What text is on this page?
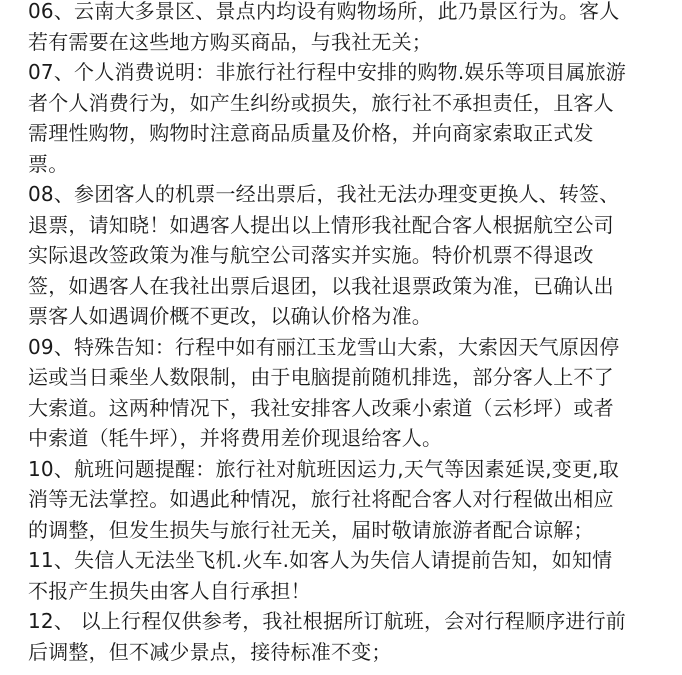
06、云南大多景区、景点内均设有购物场所，此乃景区行为。客人
若有需要在这些地方购买商品，与我社无关；
07、个人消费说明：非旅行社行程中安排的购物.娱乐等项目属旅游
者个人消费行为，如产生纠纷或损失，旅行社不承担责任，且客人
需理性购物，购物时注意商品质量及价格，并向商家索取正式发
票。
08、参团客人的机票一经出票后，我社无法办理变更换人、转签、
退票，请知晓！如遇客人提出以上情形我社配合客人根据航空公司
实际退改签政策为准与航空公司落实并实施。特价机票不得退改
签，如遇客人在我社出票后退团，以我社退票政策为准，已确认出
票客人如遇调价概不更改，以确认价格为准。
09、特殊告知：行程中如有丽江玉龙雪山大索，大索因天气原因停
运或当日乘坐人数限制，由于电脑提前随机排选，部分客人上不了
大索道。这两种情况下，我社安排客人改乘小索道（云杉坪）或者
中索道（牦牛坪），并将费用差价现退给客人。
10、航班问题提醒：旅行社对航班因运力,天气等因素延误,变更,取
消等无法掌控。如遇此种情况，旅行社将配合客人对行程做出相应
的调整，但发生损失与旅行社无关，届时敬请旅游者配合谅解；
11、失信人无法坐飞机.火车.如客人为失信人请提前告知，如知情
不报产生损失由客人自行承担！
12、 以上行程仅供参考，我社根据所订航班，会对行程顺序进行前
后调整，但不减少景点，接待标准不变；
